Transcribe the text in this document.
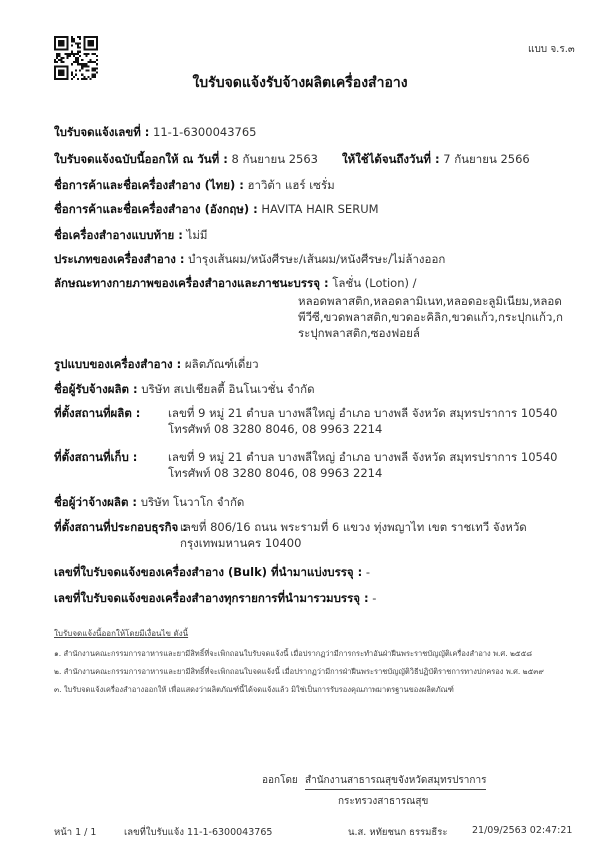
แบบ จ.ร.๓
ใบรับจดแจ้งรับจ้างผลิตเครื่องสำอาง
ใบรับจดแจ้งเลขที่ : 11-1-6300043765
ใบรับจดแจ้งฉบับนี้ออกให้ ณ วันที่ : 8 กันยายน 2563 ให้ใช้ได้จนถึงวันที่ : 7 กันยายน 2566
ชื่อการค้าและชื่อเครื่องสำอาง (ไทย) : ฮาวิต้า แฮร์ เซรั่ม
ชื่อการค้าและชื่อเครื่องสำอาง (อังกฤษ) : HAVITA HAIR SERUM
ชื่อเครื่องสำอางแบบท้าย : ไม่มี
ประเภทของเครื่องสำอาง : บำรุงเส้นผม/หนังศีรษะ/เส้นผม/หนังศีรษะ/ไม่ล้างออก
ลักษณะทางกายภาพของเครื่องสำอางและภาชนะบรรจุ : โลชั่น (Lotion) /
หลอดพลาสติก,หลอดลามิเนท,หลอดอะลูมิเนียม,หลอดพีวีซี,ขวดพลาสติก,ขวดอะคิลิก,ขวดแก้ว,กระปุกแก้ว,กระปุกพลาสติก,ซองฟอยล์
รูปแบบของเครื่องสำอาง : ผลิตภัณฑ์เดี่ยว
ชื่อผู้รับจ้างผลิต : บริษัท สเปเชียลตี้ อินโนเวชั่น จำกัด
ที่ตั้งสถานที่ผลิต : เลขที่ 9 หมู่ 21 ตำบล บางพลีใหญ่ อำเภอ บางพลี จังหวัด สมุทรปราการ 10540 โทรศัพท์ 08 3280 8046, 08 9963 2214
ที่ตั้งสถานที่เก็บ :	เลขที่ 9 หมู่ 21 ตำบล บางพลีใหญ่ อำเภอ บางพลี จังหวัด สมุทรปราการ 10540 โทรศัพท์ 08 3280 8046, 08 9963 2214
ชื่อผู้ว่าจ้างผลิต : บริษัท โนวาโก จำกัด
ที่ตั้งสถานที่ประกอบธุรกิจ :
เลขที่ 806/16 ถนน พระรามที่ 6 แขวง ทุ่งพญาไท เขต ราชเทวี จังหวัด กรุงเทพมหานคร 10400
เลขที่ใบรับจดแจ้งของเครื่องสำอาง (Bulk) ที่นำมาแบ่งบรรจุ : -
เลขที่ใบรับจดแจ้งของเครื่องสำอางทุกรายการที่นำมารวมบรรจุ : -
ใบรับจดแจ้งนี้ออกให้โดยมีเงื่อนไข ดังนี้
๑. สำนักงานคณะกรรมการอาหารและยามีสิทธิ์ที่จะเพิกถอนใบรับจดแจ้งนี้ เมื่อปรากฏว่ามีการกระทำอันฝ่าฝืนพระราชบัญญัติเครื่องสำอาง พ.ศ. ๒๕๕๘
๒. สำนักงานคณะกรรมการอาหารและยามีสิทธิ์ที่จะเพิกถอนใบจดแจ้งนี้ เมื่อปรากฏว่ามีการฝ่าฝืนพระราชบัญญัติวิธีปฏิบัติราชการทางปกครอง พ.ศ. ๒๕๓๙
๓. ใบรับจดแจ้งเครื่องสำอางออกให้ เพื่อแสดงว่าผลิตภัณฑ์นี้ได้จดแจ้งแล้ว มิใช่เป็นการรับรองคุณภาพมาตรฐานของผลิตภัณฑ์
ออกโดย สำนักงานสาธารณสุขจังหวัดสมุทรปราการ
กระทรวงสาธารณสุข
หน้า 1 / 1	เลขที่ใบรับแจ้ง 11-1-6300043765	น.ส. หทัยชนก ธรรมธีระ	21/09/2563 02:47:21
